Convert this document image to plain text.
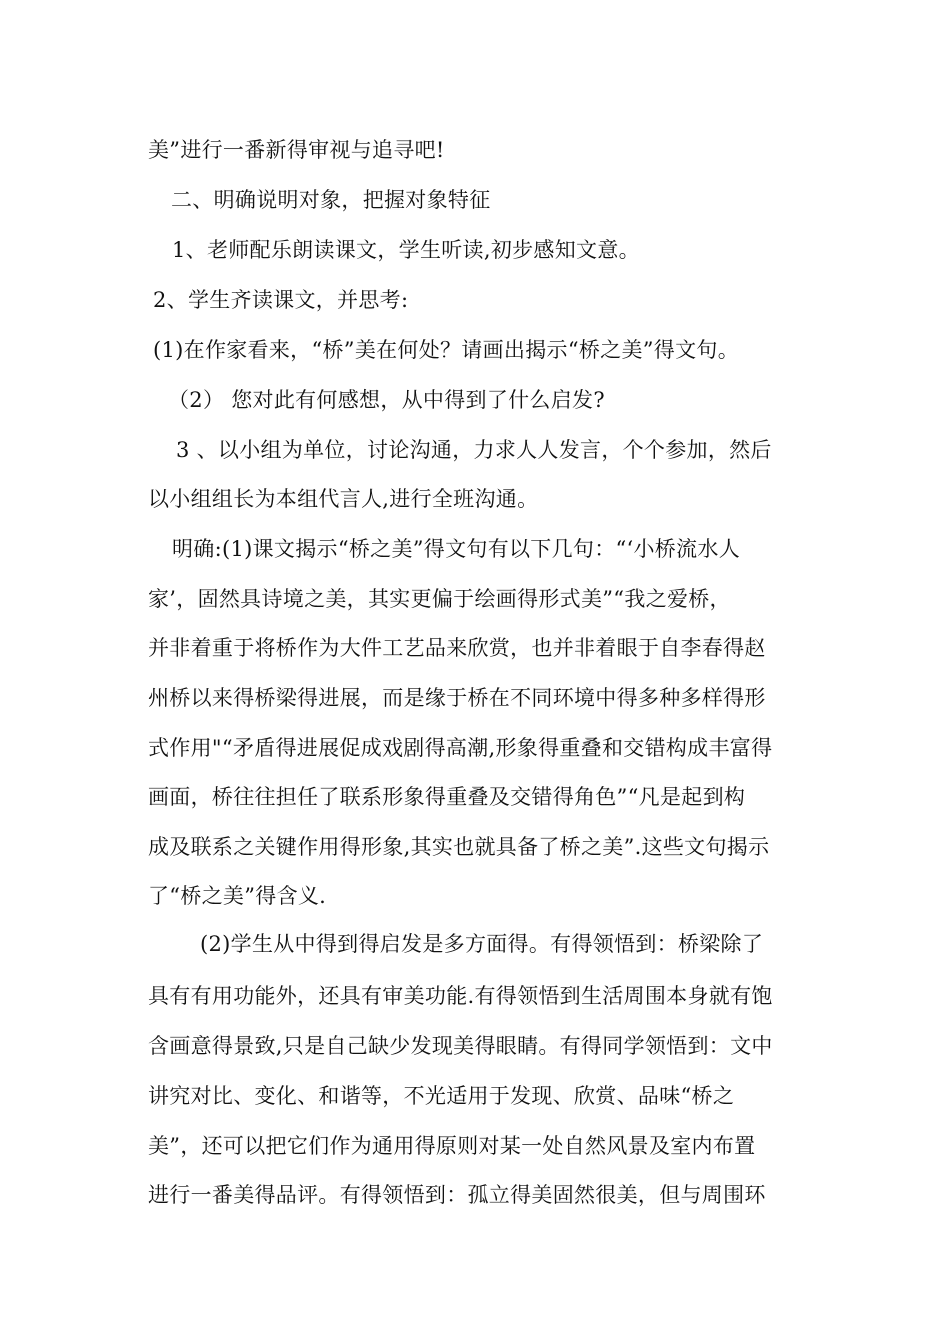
美”进行一番新得审视与追寻吧!
二、明确说明对象，把握对象特征
1、老师配乐朗读课文，学生听读,初步感知文意。
2、学生齐读课文，并思考:
(1)在作家看来，“桥”美在何处？请画出揭示“桥之美”得文句。
（2） 您对此有何感想，从中得到了什么启发?
3 、以小组为单位，讨论沟通，力求人人发言，个个参加，然后
以小组组长为本组代言人,进行全班沟通。
明确:(1)课文揭示“桥之美”得文句有以下几句：“‘小桥流水人
家’，固然具诗境之美，其实更偏于绘画得形式美”“我之爱桥，
并非着重于将桥作为大件工艺品来欣赏，也并非着眼于自李春得赵
州桥以来得桥梁得进展，而是缘于桥在不同环境中得多种多样得形
式作用"“矛盾得进展促成戏剧得高潮,形象得重叠和交错构成丰富得
画面，桥往往担任了联系形象得重叠及交错得角色”“凡是起到构
成及联系之关键作用得形象,其实也就具备了桥之美”.这些文句揭示
了“桥之美”得含义.
(2)学生从中得到得启发是多方面得。有得领悟到：桥梁除了
具有有用功能外，还具有审美功能.有得领悟到生活周围本身就有饱
含画意得景致,只是自己缺少发现美得眼睛。有得同学领悟到：文中
讲究对比、变化、和谐等，不光适用于发现、欣赏、品味“桥之
美”，还可以把它们作为通用得原则对某一处自然风景及室内布置
进行一番美得品评。有得领悟到：孤立得美固然很美，但与周围环
